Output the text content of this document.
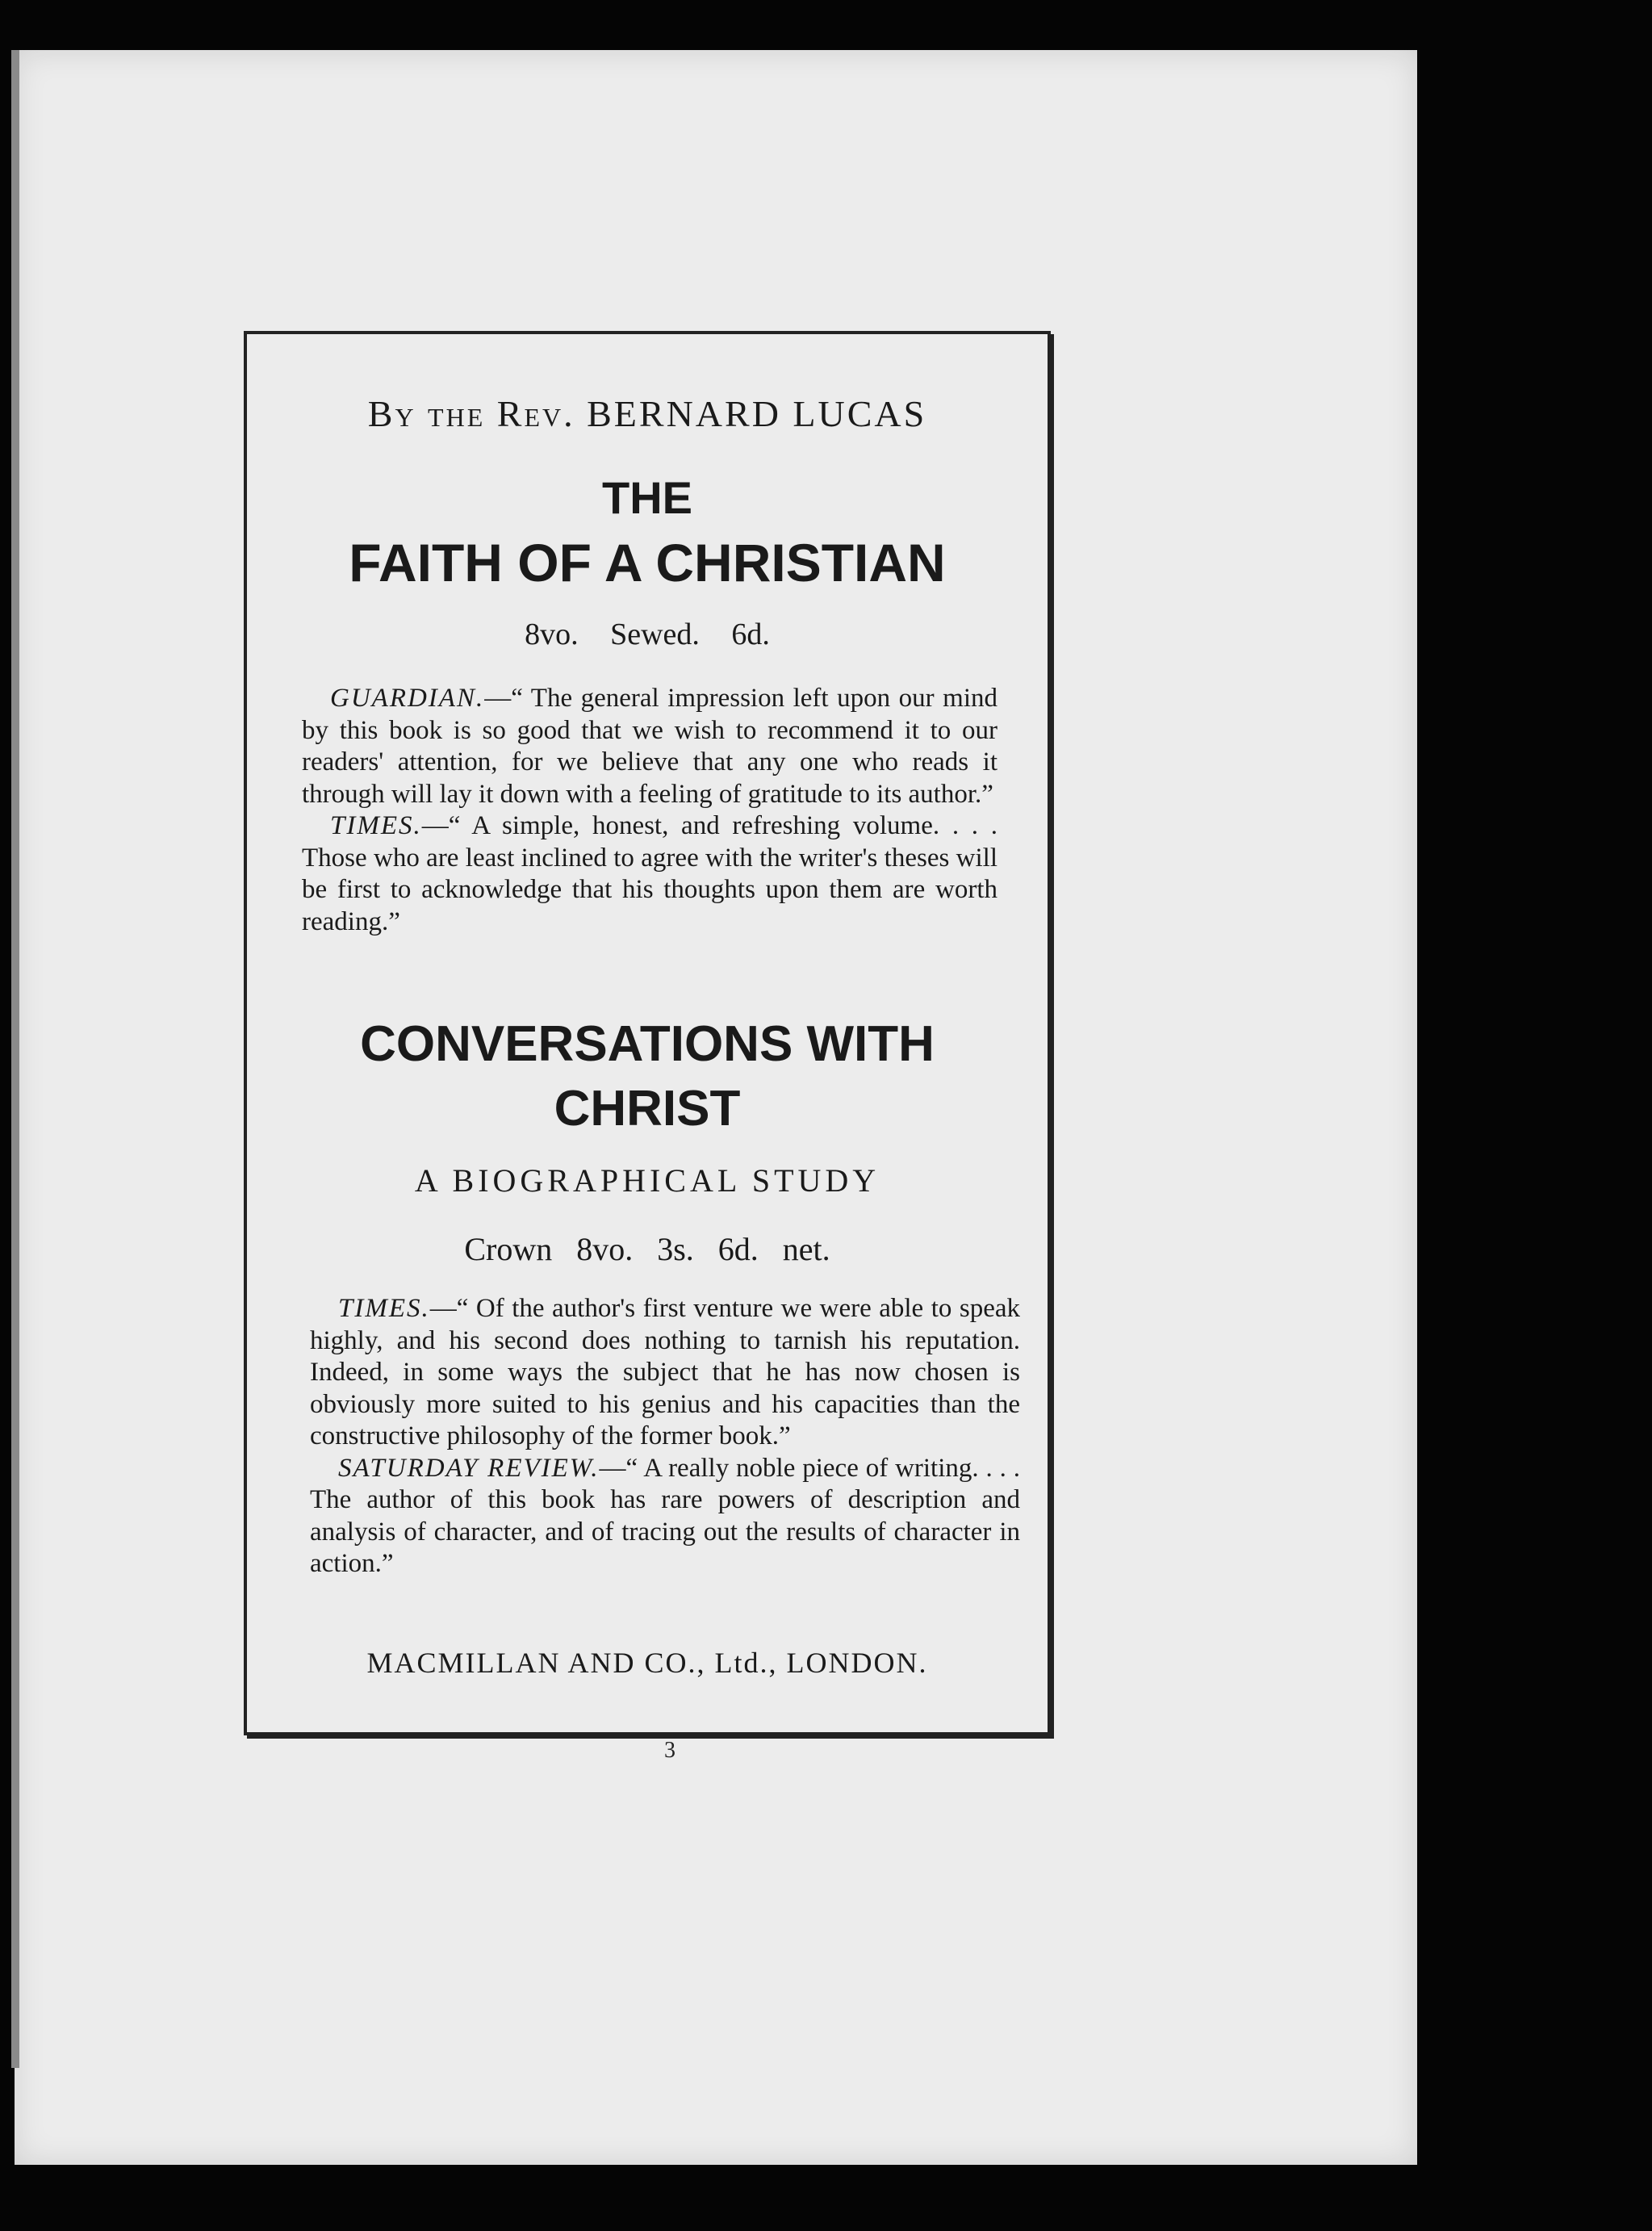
By the Rev. BERNARD LUCAS
THE
FAITH OF A CHRISTIAN
8vo. Sewed. 6d.

GUARDIAN.—“ The general impression left upon our mind by this book is so good that we wish to recommend it to our readers' attention, for we believe that any one who reads it through will lay it down with a feeling of gratitude to its author.”

TIMES.—“ A simple, honest, and refreshing volume. . . . Those who are least inclined to agree with the writer's theses will be first to acknowledge that his thoughts upon them are worth reading.”

CONVERSATIONS WITH
CHRIST
A BIOGRAPHICAL STUDY
Crown 8vo. 3s. 6d. net.

TIMES.—“ Of the author's first venture we were able to speak highly, and his second does nothing to tarnish his reputation. Indeed, in some ways the subject that he has now chosen is obviously more suited to his genius and his capacities than the constructive philosophy of the former book.”

SATURDAY REVIEW.—“ A really noble piece of writing. . . . The author of this book has rare powers of description and analysis of character, and of tracing out the results of character in action.”

MACMILLAN AND CO., Ltd., LONDON.
3
